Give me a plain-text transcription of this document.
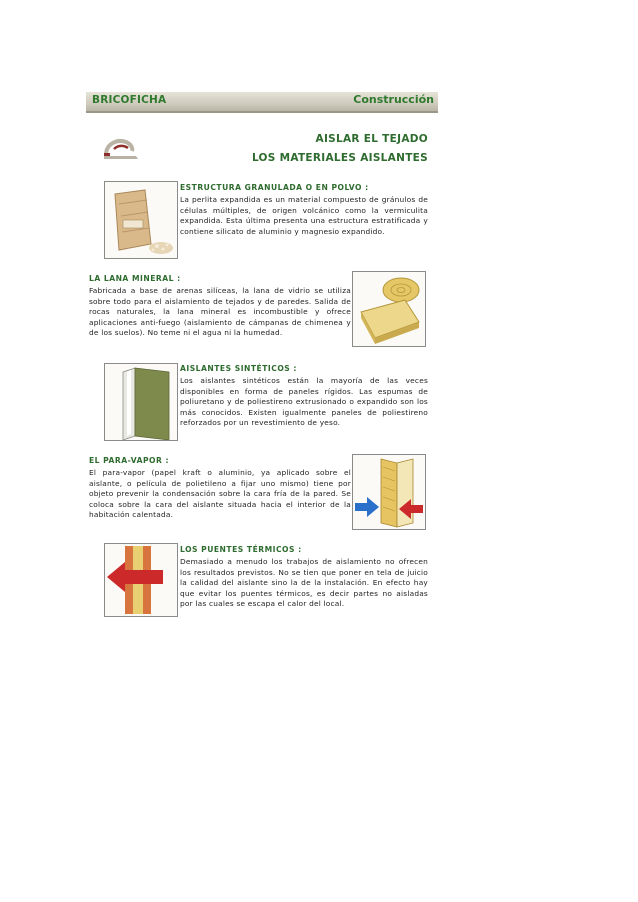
BRICOFICHA	Construcción
AISLAR EL TEJADO
LOS MATERIALES AISLANTES
ESTRUCTURA GRANULADA O EN POLVO :
La perlita expandida es un material compuesto de gránulos de células múltiples, de origen volcánico como la vermiculita expandida. Esta última presenta una estructura estratificada y contiene silicato de aluminio y magnesio expandido.
LA LANA MINERAL :
Fabricada a base de arenas silíceas, la lana de vidrio se utiliza sobre todo para el aislamiento de tejados y de paredes. Salida de rocas naturales, la lana mineral es incombustible y ofrece aplicaciones anti-fuego (aislamiento de cámpanas de chimenea y de los suelos). No teme ni el agua ni la humedad.
AISLANTES SINTÉTICOS :
Los aislantes sintéticos están la mayoría de las veces disponibles en forma de paneles rígidos. Las espumas de poliuretano y de poliestireno extrusionado o expandido son los más conocidos. Existen igualmente paneles de poliestireno reforzados por un revestimiento de yeso.
EL PARA-VAPOR :
El para-vapor (papel kraft o aluminio, ya aplicado sobre el aislante, o película de polietileno a fijar uno mismo) tiene por objeto prevenir la condensación sobre la cara fría de la pared. Se coloca sobre la cara del aislante situada hacia el interior de la habitación calentada.
LOS PUENTES TÉRMICOS :
Demasiado a menudo los trabajos de aislamiento no ofrecen los resultados previstos. No se tien que poner en tela de juicio la calidad del aislante sino la de la instalación. En efecto hay que evitar los puentes térmicos, es decir partes no aisladas por las cuales se escapa el calor del local.
